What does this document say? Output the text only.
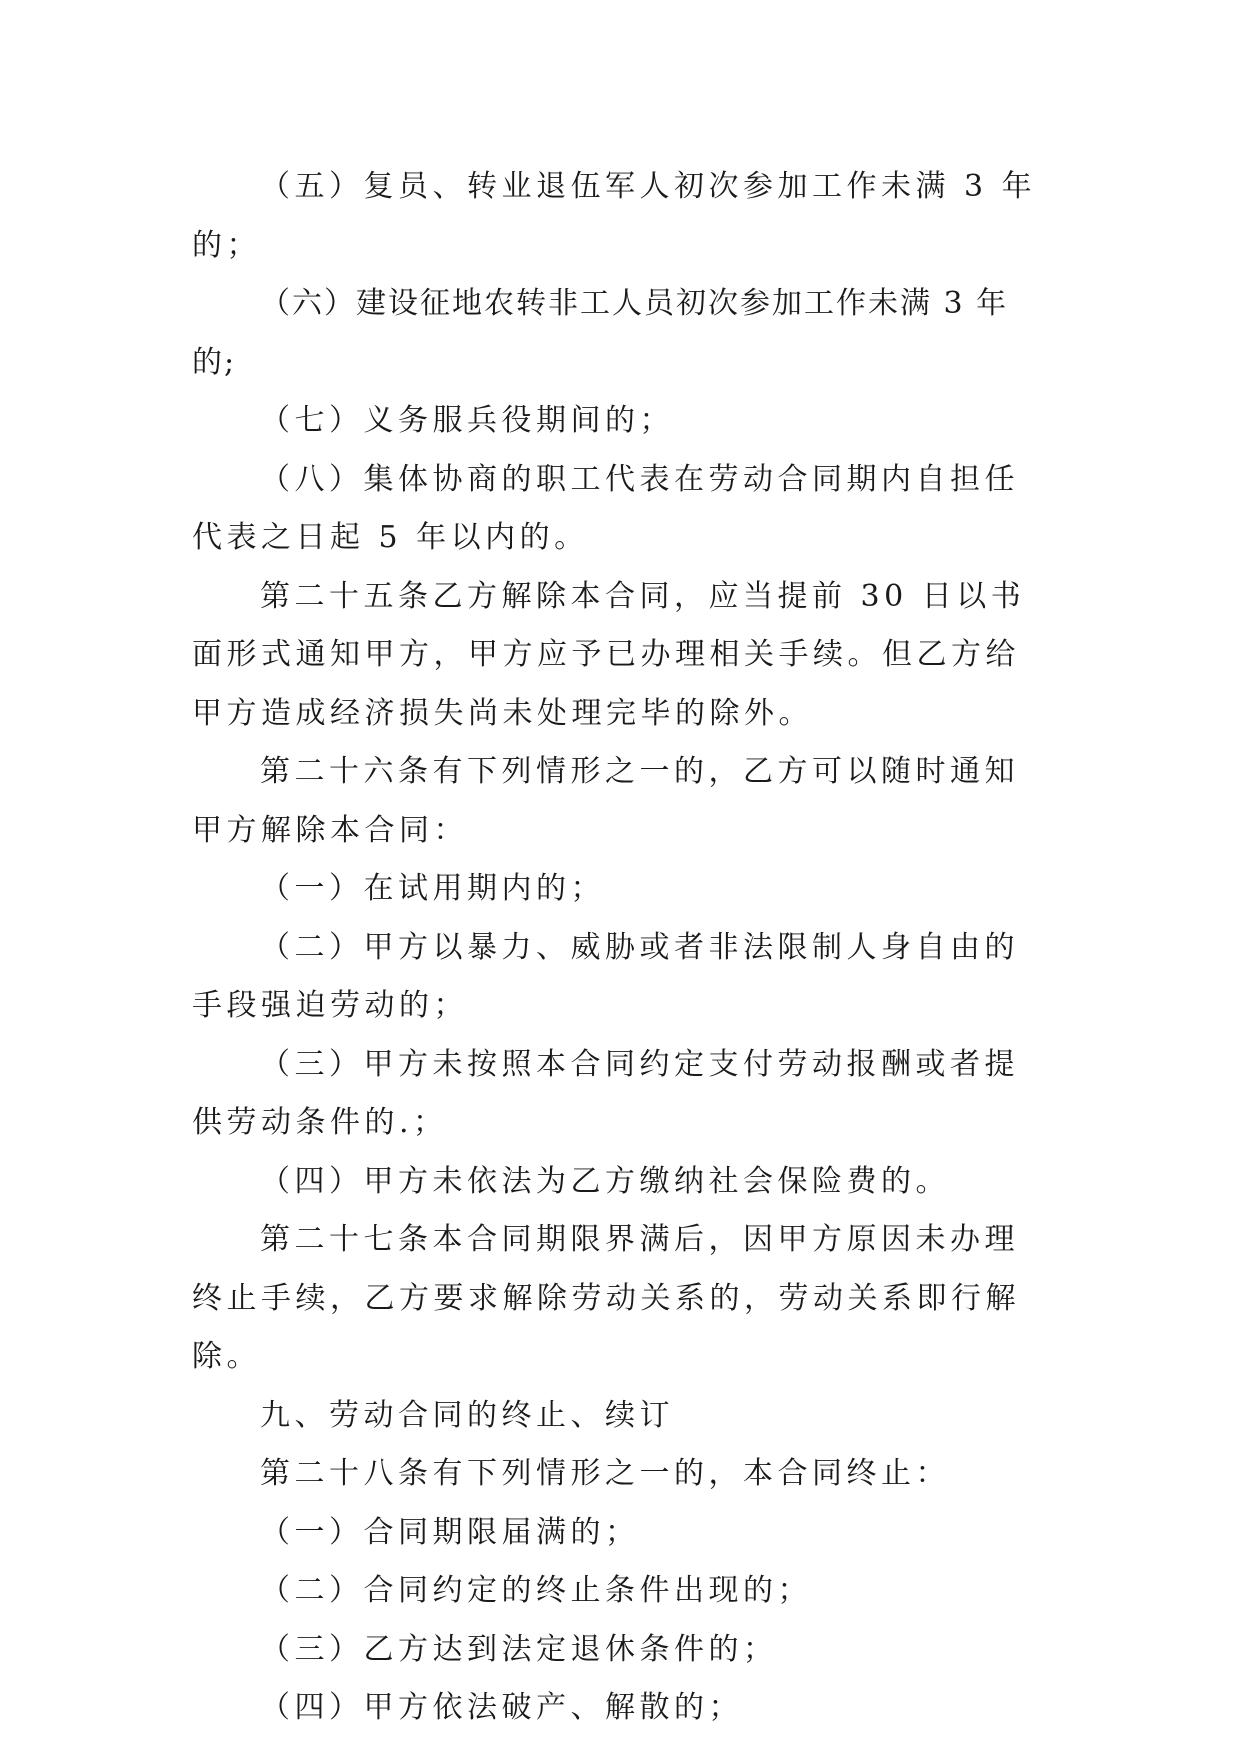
（五）复员、转业退伍军人初次参加工作未满 3 年的；

（六）建设征地农转非工人员初次参加工作未满 3 年的;

（七）义务服兵役期间的；

（八）集体协商的职工代表在劳动合同期内自担任代表之日起 5 年以内的。

第二十五条乙方解除本合同，应当提前 30 日以书面形式通知甲方，甲方应予已办理相关手续。但乙方给甲方造成经济损失尚未处理完毕的除外。

第二十六条有下列情形之一的，乙方可以随时通知甲方解除本合同：

（一）在试用期内的；

（二）甲方以暴力、威胁或者非法限制人身自由的手段强迫劳动的；

（三）甲方未按照本合同约定支付劳动报酬或者提供劳动条件的.；

（四）甲方未依法为乙方缴纳社会保险费的。

第二十七条本合同期限界满后，因甲方原因未办理终止手续，乙方要求解除劳动关系的，劳动关系即行解除。

九、劳动合同的终止、续订

第二十八条有下列情形之一的，本合同终止：

（一）合同期限届满的；

（二）合同约定的终止条件出现的；

（三）乙方达到法定退休条件的；

（四）甲方依法破产、解散的；
